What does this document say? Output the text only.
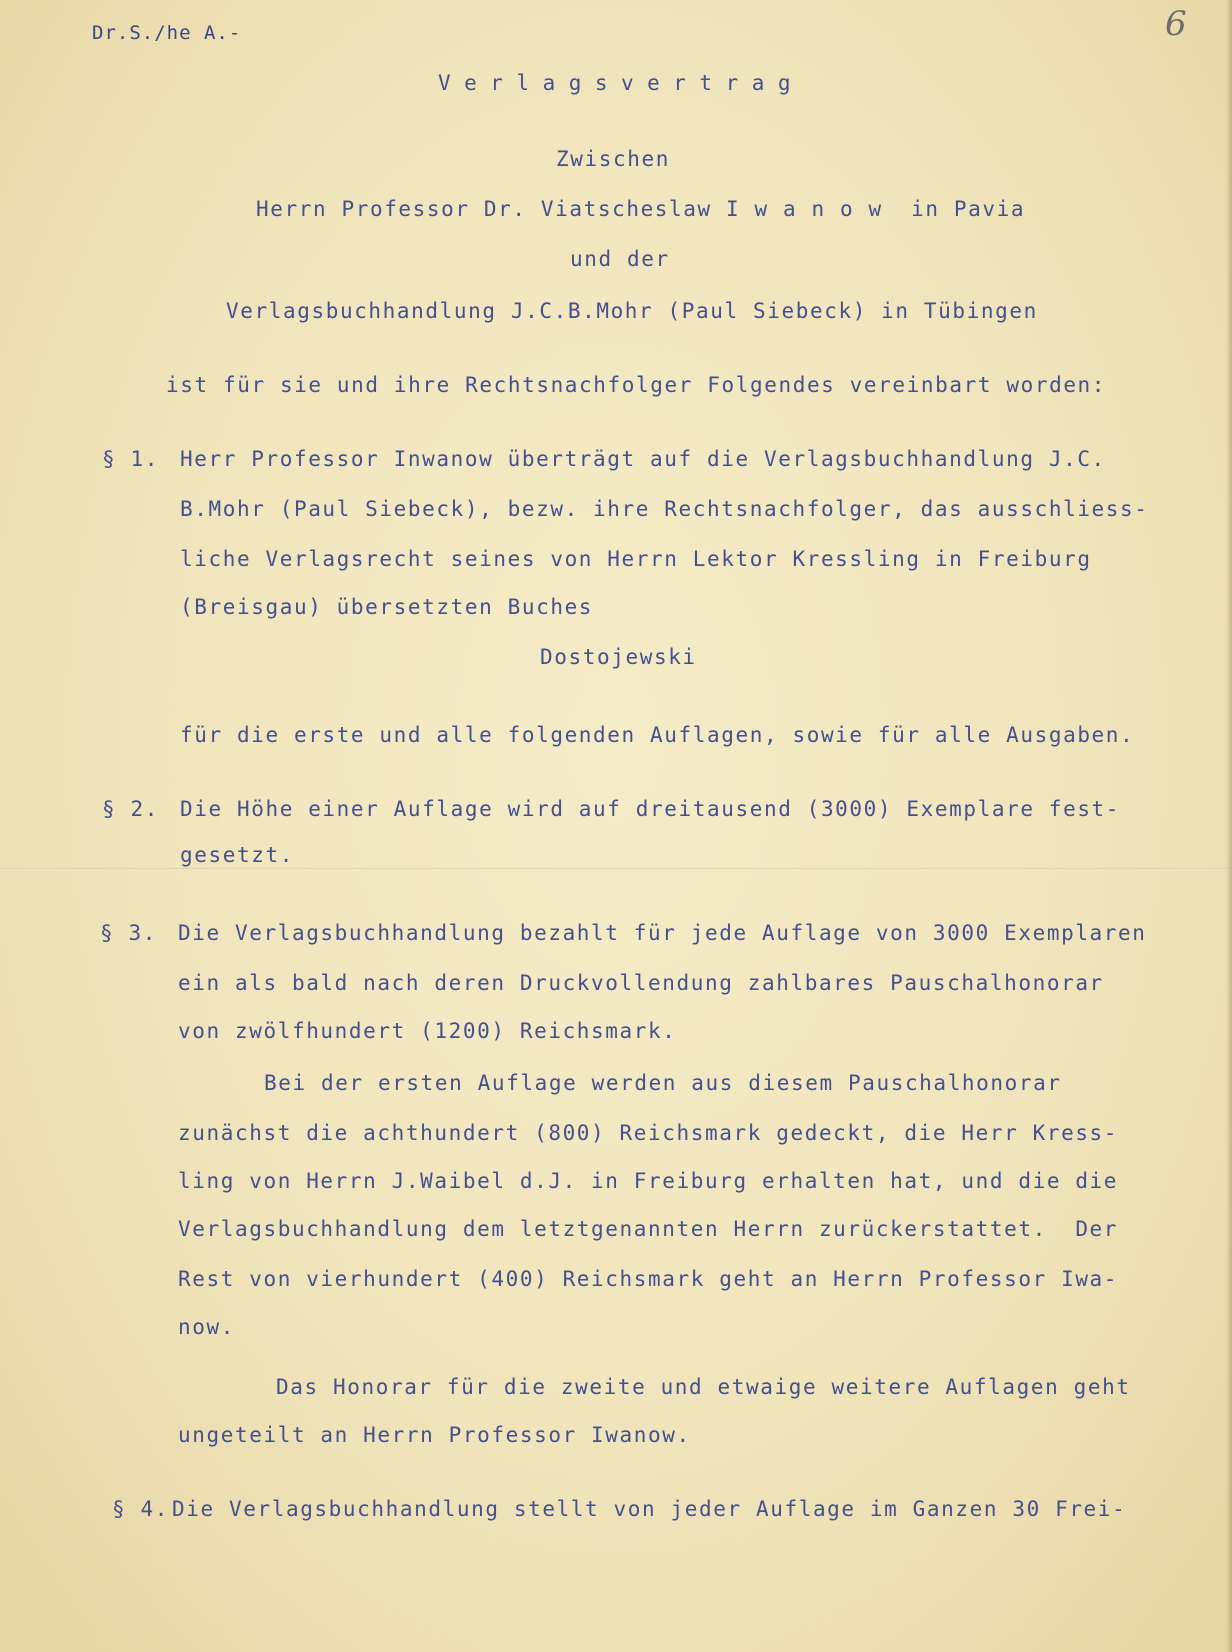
Dr.S./he A.-	6
Verlagsvertrag
Zwischen
Herrn Professor Dr. Viatscheslaw I w a n o w  in Pavia
und der
Verlagsbuchhandlung J.C.B.Mohr (Paul Siebeck) in Tübingen
ist für sie und ihre Rechtsnachfolger Folgendes vereinbart worden:
§ 1. Herr Professor Inwanow überträgt auf die Verlagsbuchhandlung J.C.
B.Mohr (Paul Siebeck), bezw. ihre Rechtsnachfolger, das ausschliess-
liche Verlagsrecht seines von Herrn Lektor Kressling in Freiburg
(Breisgau) übersetzten Buches
Dostojewski
für die erste und alle folgenden Auflagen, sowie für alle Ausgaben.
§ 2. Die Höhe einer Auflage wird auf dreitausend (3000) Exemplare fest-
gesetzt.
§ 3. Die Verlagsbuchhandlung bezahlt für jede Auflage von 3000 Exemplaren
ein als bald nach deren Druckvollendung zahlbares Pauschalhonorar
von zwölfhundert (1200) Reichsmark.
Bei der ersten Auflage werden aus diesem Pauschalhonorar
zunächst die achthundert (800) Reichsmark gedeckt, die Herr Kress-
ling von Herrn J.Waibel d.J. in Freiburg erhalten hat, und die die
Verlagsbuchhandlung dem letztgenannten Herrn zurückerstattet.  Der
Rest von vierhundert (400) Reichsmark geht an Herrn Professor Iwa-
now.
Das Honorar für die zweite und etwaige weitere Auflagen geht
ungeteilt an Herrn Professor Iwanow.
§ 4. Die Verlagsbuchhandlung stellt von jeder Auflage im Ganzen 30 Frei-
